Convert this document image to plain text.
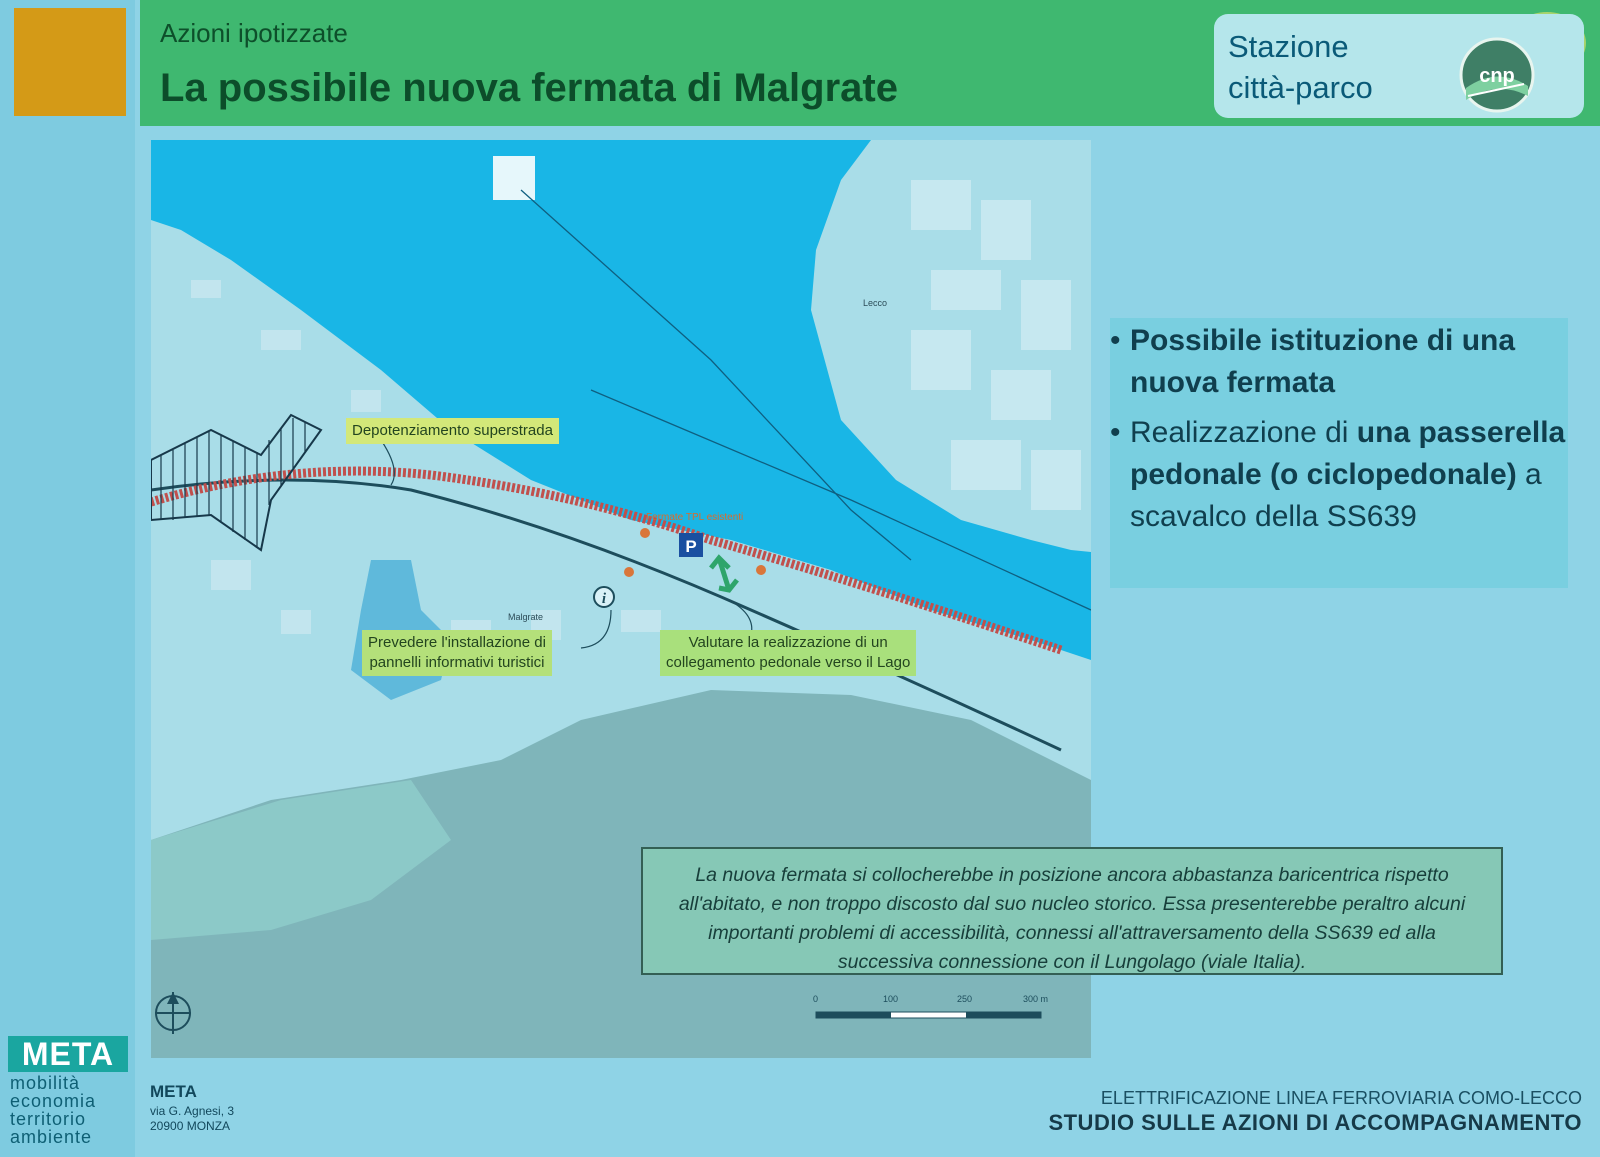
META
mobilità
economia
territorio
ambiente
Azioni ipotizzate
La possibile nuova fermata di Malgrate
Stazione
città-parco	cnp
P
i
Lecco
Malgrate
Fermate TPL esistenti
0	100	250	300 m
Depotenziamento superstrada
Prevedere l'installazione di
pannelli informativi turistici
Valutare la realizzazione di un
collegamento pedonale verso il Lago
• Possibile istituzione di una nuova fermata
• Realizzazione di una passerella pedonale (o ciclopedonale) a scavalco della SS639
La nuova fermata si collocherebbe in posizione ancora abbastanza baricentrica rispetto all'abitato, e non troppo discosto dal suo nucleo storico. Essa presenterebbe peraltro alcuni importanti problemi di accessibilità, connessi all'attraversamento della SS639 ed alla successiva connessione con il Lungolago (viale Italia).
META
via G. Agnesi, 3
20900 MONZA
ELETTRIFICAZIONE LINEA FERROVIARIA COMO-LECCO
STUDIO SULLE AZIONI DI ACCOMPAGNAMENTO
